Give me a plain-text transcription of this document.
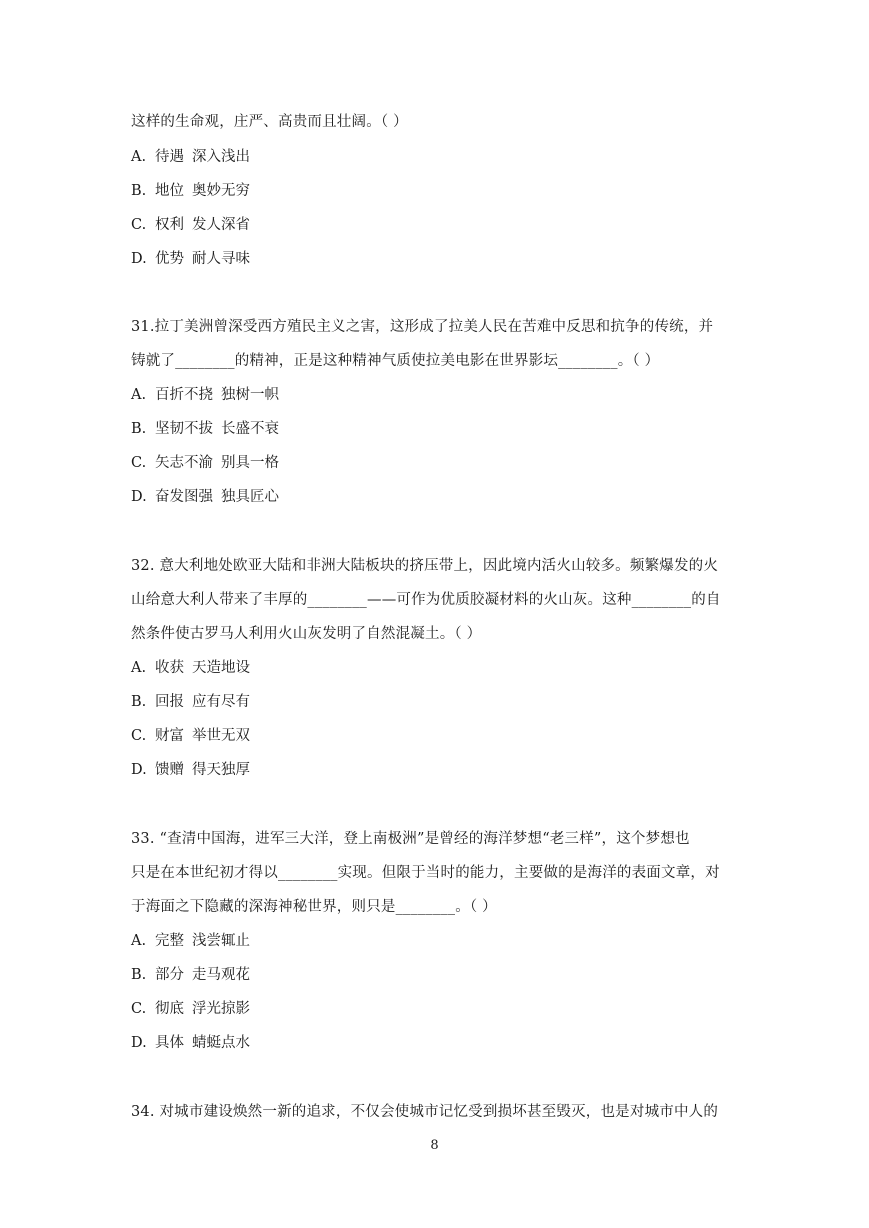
这样的生命观，庄严、高贵而且壮阔。（ ）
A. 待遇 深入浅出
B. 地位 奥妙无穷
C. 权利 发人深省
D. 优势 耐人寻味
31.拉丁美洲曾深受西方殖民主义之害，这形成了拉美人民在苦难中反思和抗争的传统，并
铸就了________的精神，正是这种精神气质使拉美电影在世界影坛________。（ ）
A. 百折不挠 独树一帜
B. 坚韧不拔 长盛不衰
C. 矢志不渝 别具一格
D. 奋发图强 独具匠心
32. 意大利地处欧亚大陆和非洲大陆板块的挤压带上，因此境内活火山较多。频繁爆发的火
山给意大利人带来了丰厚的________——可作为优质胶凝材料的火山灰。这种________的自
然条件使古罗马人利用火山灰发明了自然混凝土。（ ）
A. 收获 天造地设
B. 回报 应有尽有
C. 财富 举世无双
D. 馈赠 得天独厚
33. “查清中国海，进军三大洋，登上南极洲”是曾经的海洋梦想“老三样”，这个梦想也
只是在本世纪初才得以________实现。但限于当时的能力，主要做的是海洋的表面文章，对
于海面之下隐藏的深海神秘世界，则只是________。（ ）
A. 完整 浅尝辄止
B. 部分 走马观花
C. 彻底 浮光掠影
D. 具体 蜻蜓点水
34. 对城市建设焕然一新的追求，不仅会使城市记忆受到损坏甚至毁灭，也是对城市中人的
8
